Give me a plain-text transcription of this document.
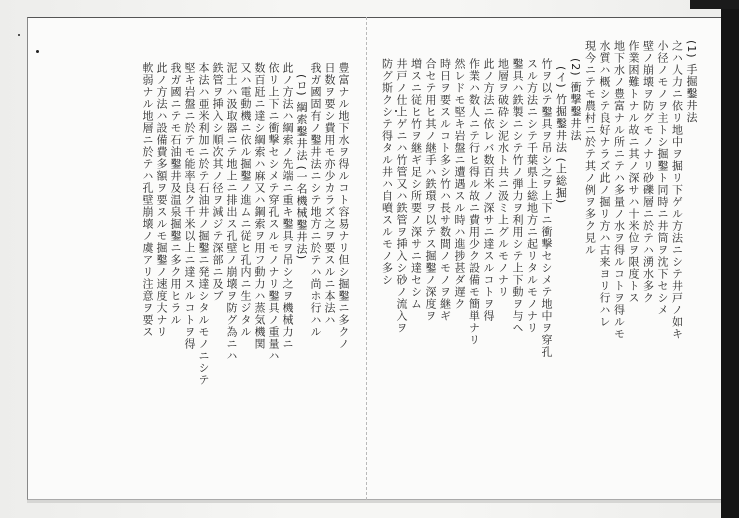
(1) 手掘鑿井法
之ハ人力ニ依リ地中ヲ掘リ下ゲル方法ニシテ井戸ノ如キ
小径ノモノヲ主トシ掘鑿ト同時ニ井筒ヲ沈下セシメ
壁ノ崩壊ヲ防グモノナリ砂礫層ニ於テハ湧水多ク
作業困難トナル故ニ其ノ深サハ十米位ヲ限度トス
地下水ノ豊富ナル所ニテハ多量ノ水ヲ得ルコトヲ得ルモ
水質ハ概シテ良好ナラズ此ノ掘リ方ハ古来ヨリ行ハレ
現今ニテモ農村ニ於テ其ノ例ヲ多ク見ル
(2) 衝撃鑿井法
(イ) 竹掘鑿井法 (上総掘)
竹ヲ以テ鑿具ヲ吊シ之ヲ上下ニ衝撃セシメテ地中ヲ穿孔
スル方法ニシテ千葉県上総地方ニ起リタルモノナリ
鑿具ハ鉄製ニシテ竹ノ弾力ヲ利用シテ上下動ヲ与ヘ
地層ヲ破砕シ泥水ト共ニ汲ミ上グルモノナリ
此ノ方法ニ依レバ数百米ノ深サニ達スルコトヲ得
作業ハ数人ニテ行ヒ得ル故ニ費用少ク設備モ簡単ナリ
然レドモ堅キ岩盤ニ遭遇スル時ハ進捗甚ダ遅ク
時日ヲ要スルコト多シ竹ハ長サ数間ノモノヲ継ギ
合セテ用ヒ其ノ継手ハ鉄環ヲ以テス掘鑿ノ深度ヲ
増スニ従ヒ竹ヲ継ギ足シ所要ノ深サニ達セシム
井戸ノ仕上ゲニハ竹管又ハ鉄管ヲ挿入シ砂ノ流入ヲ
防グ斯クシテ得タル井ハ自噴スルモノ多シ
豊富ナル地下水ヲ得ルコト容易ナリ但シ掘鑿ニ多クノ
日数ヲ要シ費用モ亦少カラズ之ヲ要スルニ本法ハ
我ガ國固有ノ鑿井法ニシテ地方ニ於テハ尚ホ行ハル
(ロ) 綱索鑿井法 (一名機械鑿井法)
此ノ方法ハ綱索ノ先端ニ重キ鑿具ヲ吊シ之ヲ機械力ニ
依リ上下ニ衝撃セシメテ穿孔スルモノナリ鑿具ノ重量ハ
数百瓩ニ達シ綱索ハ麻又ハ鋼索ヲ用フ動力ハ蒸気機関
又ハ電動機ニ依ル掘鑿ノ進ムニ従ヒ孔内ニ生ジタル
泥土ハ汲取器ニテ地上ニ排出ス孔壁ノ崩壊ヲ防グ為ニハ
鉄管ヲ挿入シ順次其ノ径ヲ減ジテ深部ニ及ブ
本法ハ亜米利加ニ於テ石油井ノ掘鑿ニ発達シタルモノニシテ
堅キ岩盤ニ於テモ能率良ク千米以上ニ達スルコトヲ得
我ガ國ニテモ石油鑿井及温泉掘鑿ニ多ク用ヒラル
此ノ方法ハ設備費多額ヲ要スルモ掘鑿ノ速度大ナリ
軟弱ナル地層ニ於テハ孔壁崩壊ノ虞アリ注意ヲ要ス
